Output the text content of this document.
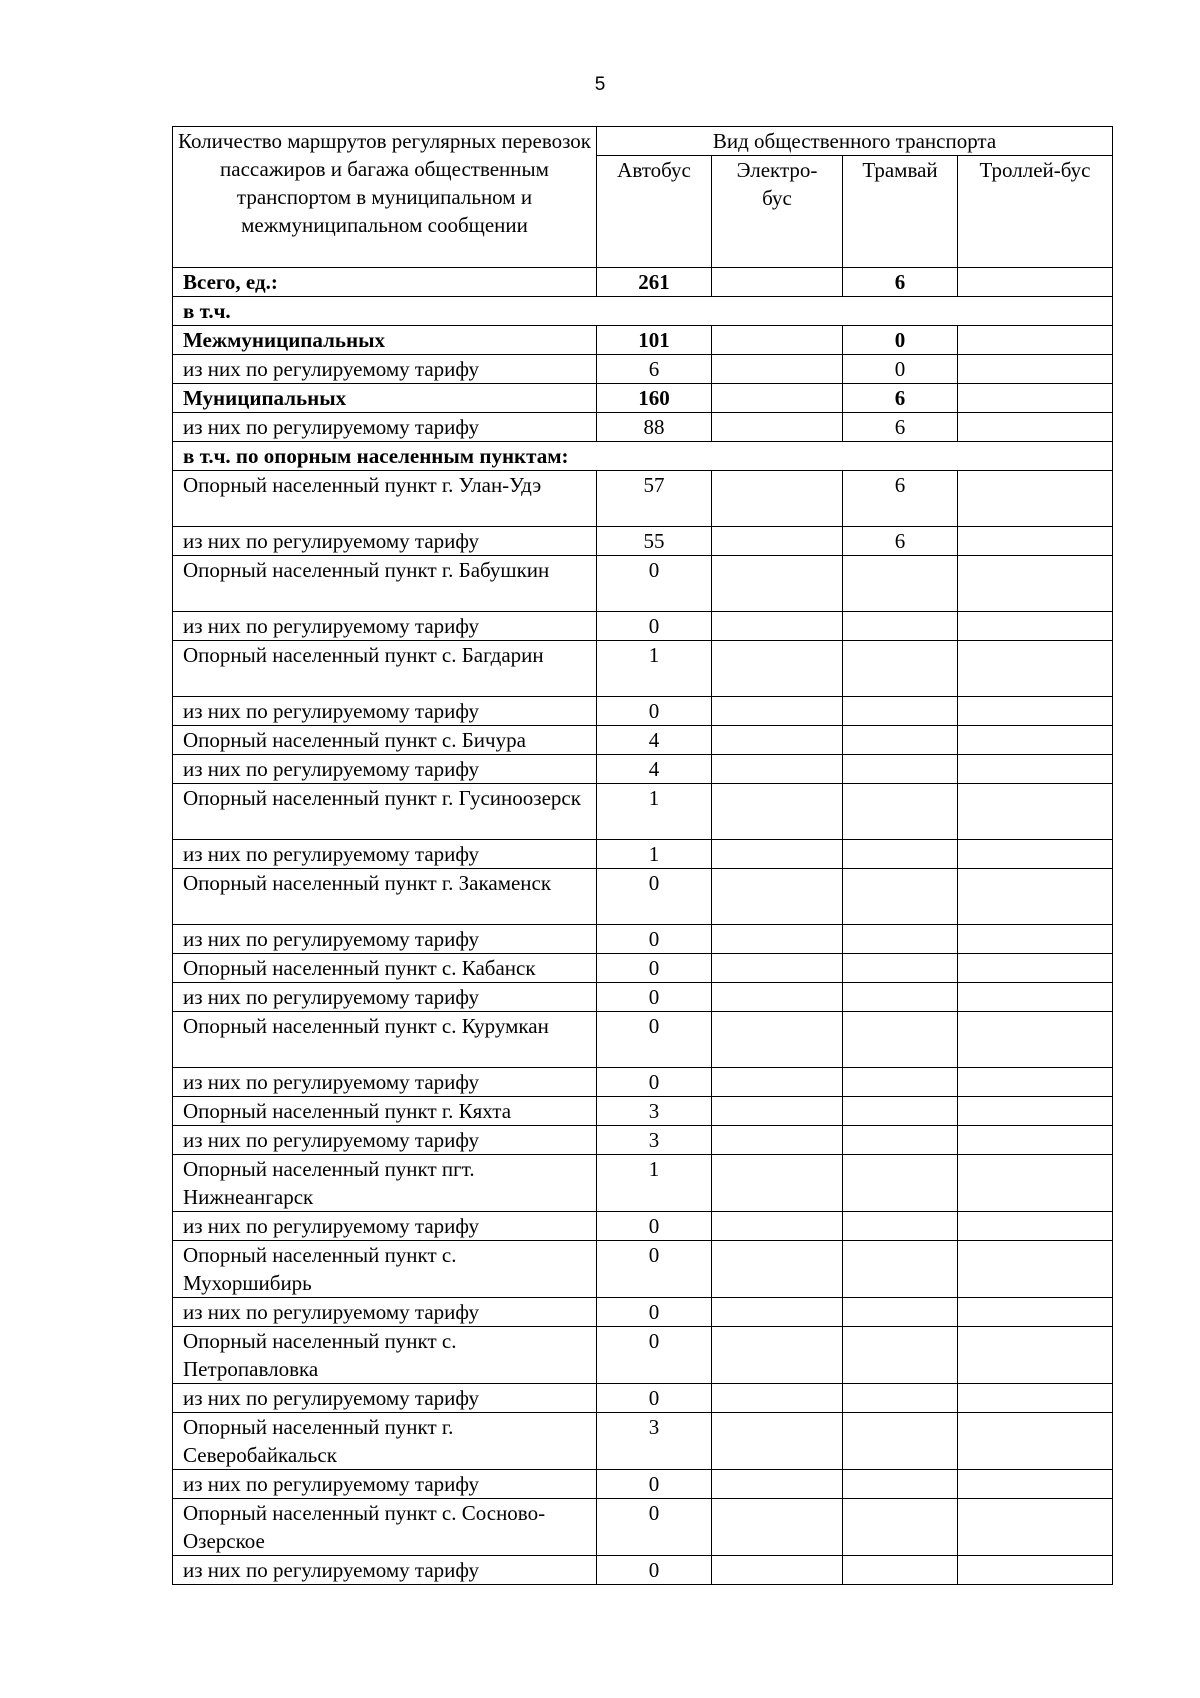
5
Количество маршрутов регулярных перевозок пассажиров и багажа общественным транспортом в муниципальном и межмуниципальном сообщении	Вид общественного транспорта			
	Автобус	Электро-бус	Трамвай	Троллей-бус
Всего, ед.:	261		6	
в т.ч.				
Межмуниципальных	101		0	
из них по регулируемому тарифу	6		0	
Муниципальных	160		6	
из них по регулируемому тарифу	88		6	
в т.ч. по опорным населенным пунктам:				
Опорный населенный пункт г. Улан-Удэ	57		6	
из них по регулируемому тарифу	55		6	
Опорный населенный пункт г. Бабушкин	0			
из них по регулируемому тарифу	0			
Опорный населенный пункт с. Багдарин	1			
из них по регулируемому тарифу	0			
Опорный населенный пункт с. Бичура	4			
из них по регулируемому тарифу	4			
Опорный населенный пункт г. Гусиноозерск	1			
из них по регулируемому тарифу	1			
Опорный населенный пункт г. Закаменск	0			
из них по регулируемому тарифу	0			
Опорный населенный пункт с. Кабанск	0			
из них по регулируемому тарифу	0			
Опорный населенный пункт с. Курумкан	0			
из них по регулируемому тарифу	0			
Опорный населенный пункт г. Кяхта	3			
из них по регулируемому тарифу	3			
Опорный населенный пункт пгт. Нижнеангарск	1			
из них по регулируемому тарифу	0			
Опорный населенный пункт с. Мухоршибирь	0			
из них по регулируемому тарифу	0			
Опорный населенный пункт с. Петропавловка	0			
из них по регулируемому тарифу	0			
Опорный населенный пункт г. Северобайкальск	3			
из них по регулируемому тарифу	0			
Опорный населенный пункт с. Сосново-Озерское	0			
из них по регулируемому тарифу	0			
